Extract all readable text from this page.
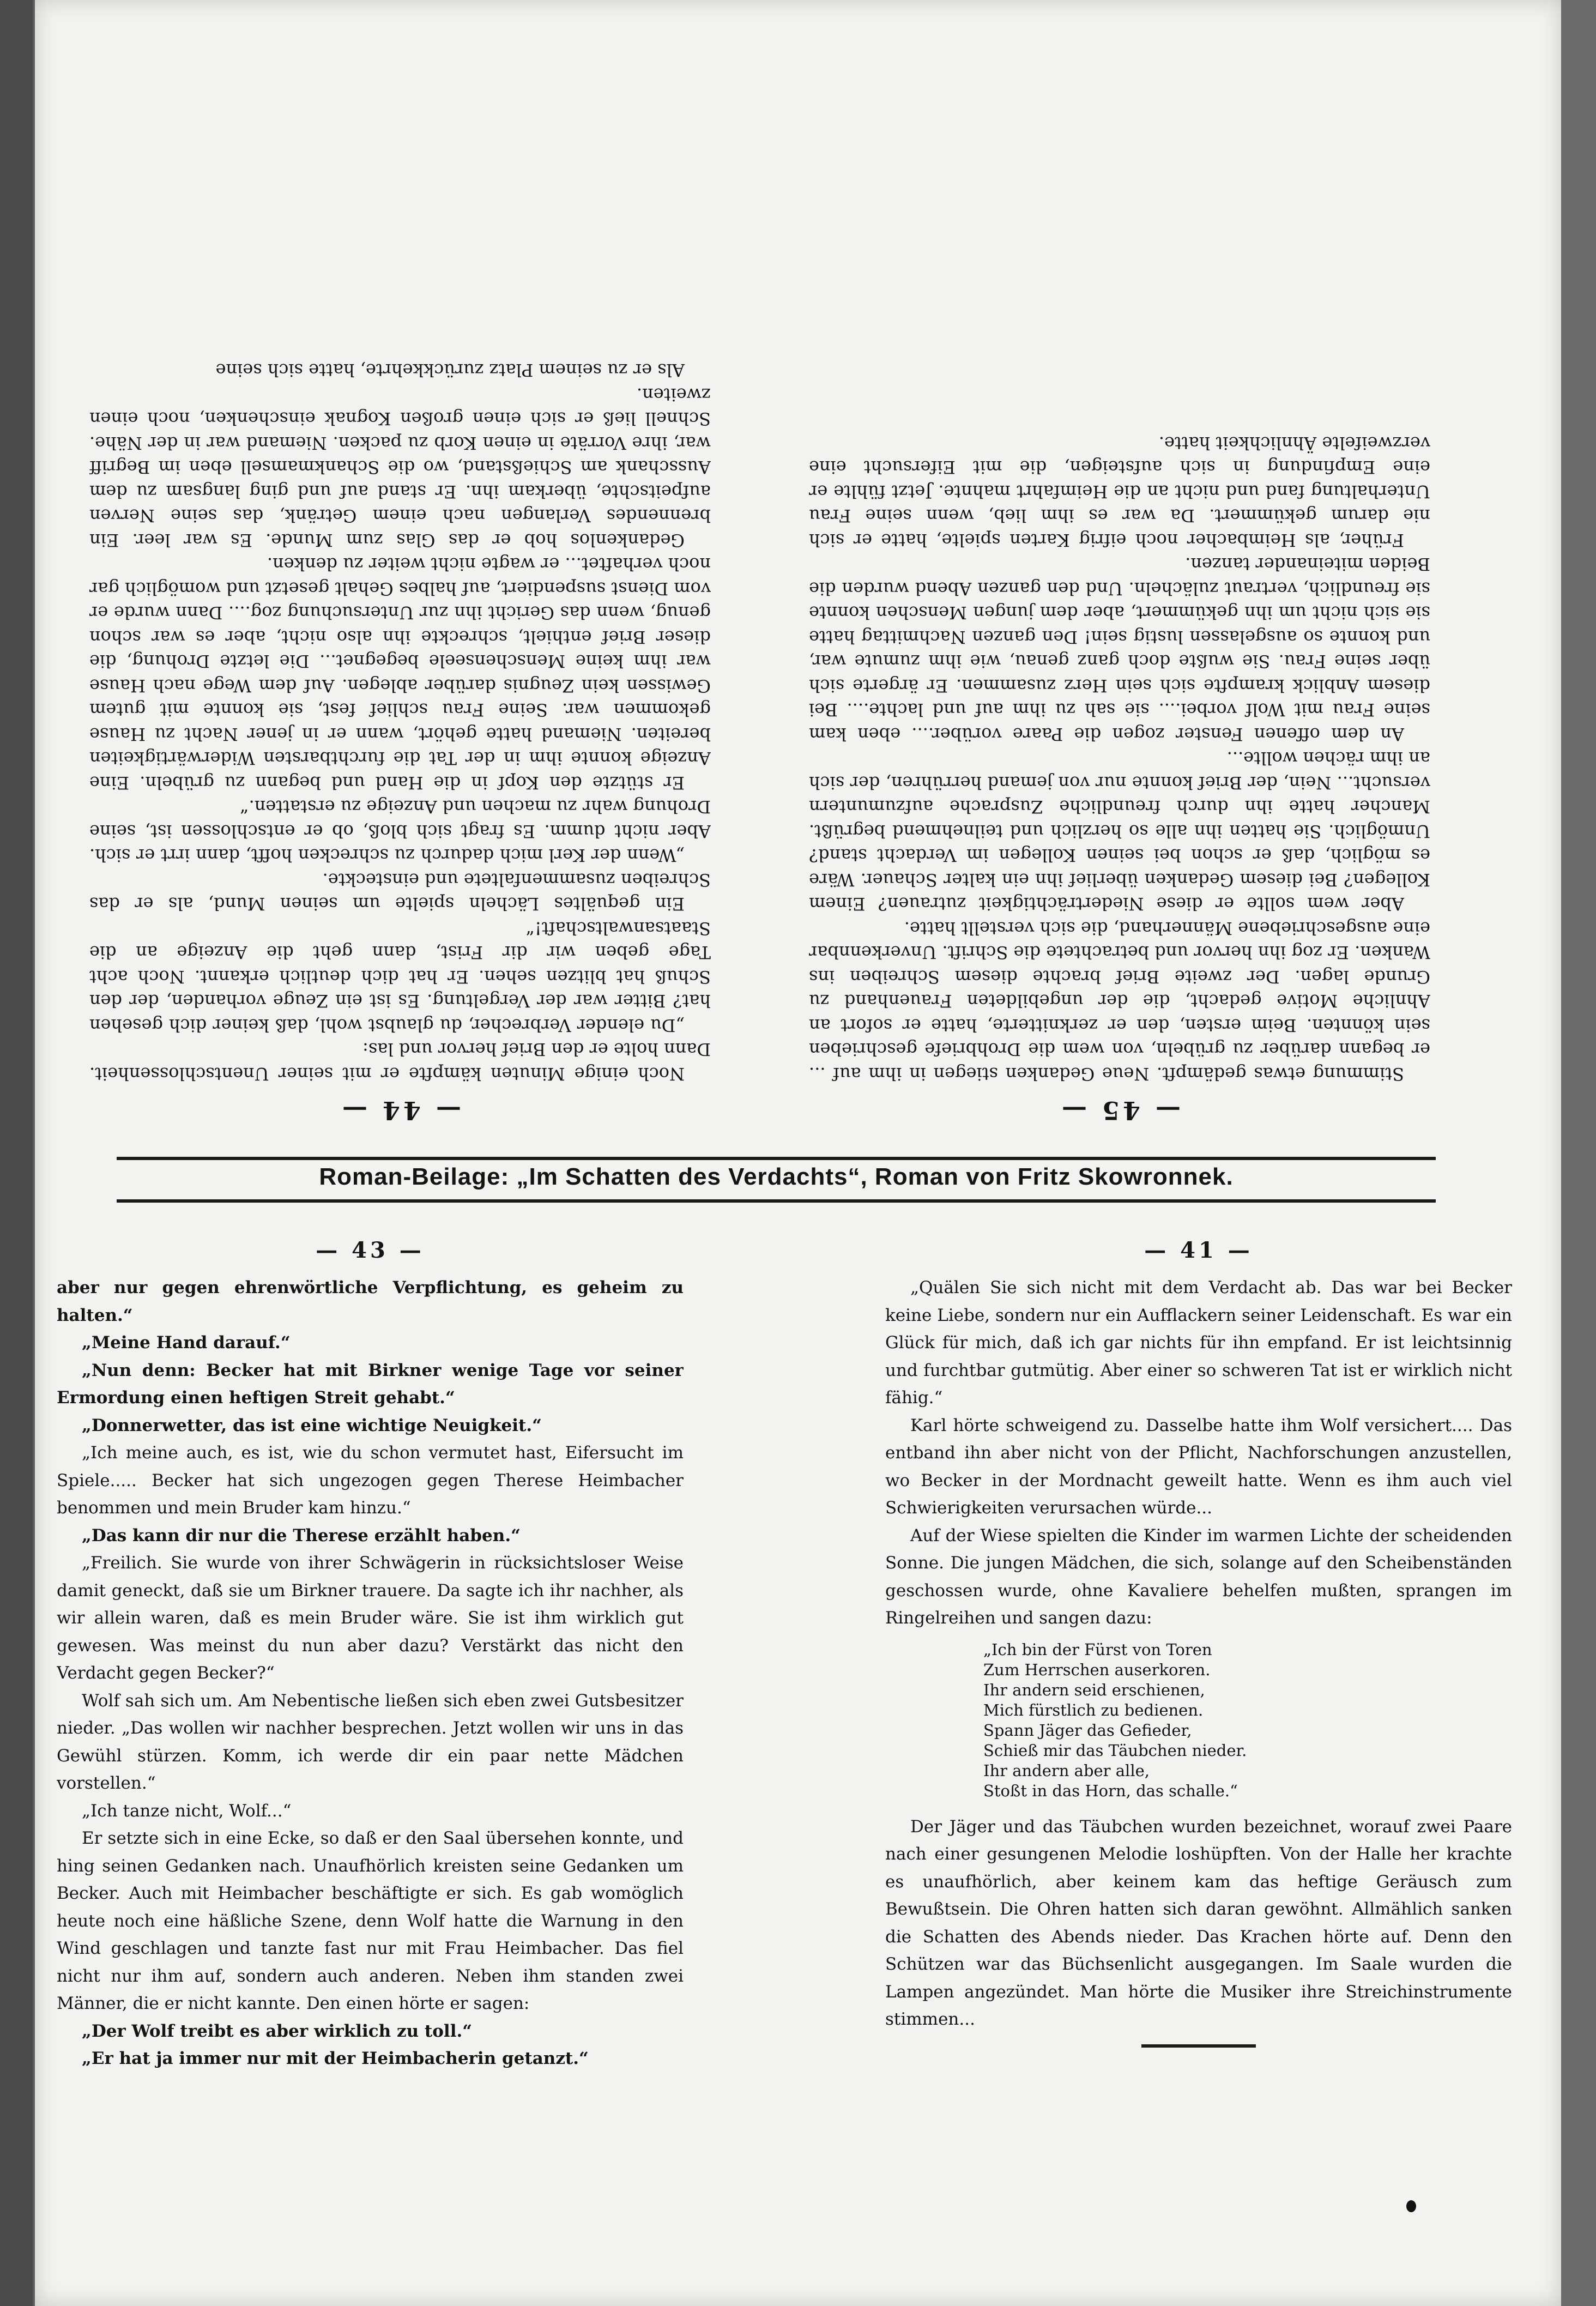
— 45 —

Stimmung etwas gedämpft. Neue Gedanken stiegen in ihm auf ... er begann darüber zu grübeln, von wem die Drohbriefe geschrieben sein könnten. Beim ersten, den er zerknitterte, hatte er sofort an Ahnliche Motive gedacht, die der ungebildeten Frauenhand zu Grunde lagen. Der zweite Brief brachte diesem Schreiben ins Wanken. Er zog ihn hervor und betrachtete die Schrift. Unverkennbar eine ausgeschriebene Männerhand, die sich verstellt hatte.

Aber wem sollte er diese Niederträchtigkeit zutrauen? Einem Kollegen? Bei diesem Gedanken überlief ihn ein kalter Schauer. Wäre es möglich, daß er schon bei seinen Kollegen im Verdacht stand? Unmöglich. Sie hatten ihn alle so herzlich und teilnehmend begrüßt. Mancher hatte ihn durch freundliche Zusprache aufzumuntern versucht... Nein, der Brief konnte nur von jemand herrühren, der sich an ihm rächen wollte...

An dem offenen Fenster zogen die Paare vorüber.... eben kam seine Frau mit Wolf vorbei.... sie sah zu ihm auf und lachte.... Bei diesem Anblick krampfte sich sein Herz zusammen. Er ärgerte sich über seine Frau. Sie wußte doch ganz genau, wie ihm zumute war, und konnte so ausgelassen lustig sein! Den ganzen Nachmittag hatte sie sich nicht um ihn gekümmert, aber dem jungen Menschen konnte sie freundlich, vertraut zulächeln. Und den ganzen Abend wurden die Beiden miteinander tanzen.

Früher, als Heimbacher noch eifrig Karten spielte, hatte er sich nie darum gekümmert. Da war es ihm lieb, wenn seine Frau Unterhaltung fand und nicht an die Heimfahrt mahnte. Jetzt fühlte er eine Empfindung in sich aufsteigen, die mit Eifersucht eine verzweifelte Ähnlichkeit hatte.

— 44 —

Noch einige Minuten kämpfte er mit seiner Unentschlossenheit. Dann holte er den Brief hervor und las:

„Du elender Verbrecher, du glaubst wohl, daß keiner dich gesehen hat? Bitter war der Vergeltung. Es ist ein Zeuge vorhanden, der den Schuß hat blitzen sehen. Er hat dich deutlich erkannt. Noch acht Tage geben wir dir Frist, dann geht die Anzeige an die Staatsanwaltschaft!“

Ein gequältes Lächeln spielte um seinen Mund, als er das Schreiben zusammenfaltete und einsteckte.

„Wenn der Kerl mich dadurch zu schrecken hofft, dann irrt er sich. Aber nicht dumm. Es fragt sich bloß, ob er entschlossen ist, seine Drohung wahr zu machen und Anzeige zu erstatten.“

Er stützte den Kopf in die Hand und begann zu grübeln. Eine Anzeige konnte ihm in der Tat die furchtbarsten Widerwärtigkeiten bereiten. Niemand hatte gehört, wann er in jener Nacht zu Hause gekommen war. Seine Frau schlief fest, sie konnte mit gutem Gewissen kein Zeugnis darüber ablegen. Auf dem Wege nach Hause war ihm keine Menschenseele begegnet... Die letzte Drohung, die dieser Brief enthielt, schreckte ihn also nicht, aber es war schon genug, wenn das Gericht ihn zur Untersuchung zog.... Dann wurde er vom Dienst suspendiert, auf halbes Gehalt gesetzt und womöglich gar noch verhaftet... er wagte nicht weiter zu denken.

Gedankenlos hob er das Glas zum Munde. Es war leer. Ein brennendes Verlangen nach einem Getränk, das seine Nerven aufpeitschte, überkam ihn. Er stand auf und ging langsam zu dem Ausschank am Schießstand, wo die Schankmamsell eben im Begriff war, ihre Vorräte in einen Korb zu packen. Niemand war in der Nähe. Schnell ließ er sich einen großen Kognak einschenken, noch einen zweiten.

Als er zu seinem Platz zurückkehrte, hatte sich seine

Roman-Beilage: „Im Schatten des Verdachts“, Roman von Fritz Skowronnek.
— 43 —

aber nur gegen ehrenwörtliche Verpflichtung, es geheim zu halten.“

„Meine Hand darauf.“

„Nun denn: Becker hat mit Birkner wenige Tage vor seiner Ermordung einen heftigen Streit gehabt.“

„Donnerwetter, das ist eine wichtige Neuigkeit.“

„Ich meine auch, es ist, wie du schon vermutet hast, Eifersucht im Spiele..... Becker hat sich ungezogen gegen Therese Heimbacher benommen und mein Bruder kam hinzu.“

„Das kann dir nur die Therese erzählt haben.“

„Freilich. Sie wurde von ihrer Schwägerin in rücksichtsloser Weise damit geneckt, daß sie um Birkner trauere. Da sagte ich ihr nachher, als wir allein waren, daß es mein Bruder wäre. Sie ist ihm wirklich gut gewesen. Was meinst du nun aber dazu? Verstärkt das nicht den Verdacht gegen Becker?“

Wolf sah sich um. Am Nebentische ließen sich eben zwei Gutsbesitzer nieder. „Das wollen wir nachher besprechen. Jetzt wollen wir uns in das Gewühl stürzen. Komm, ich werde dir ein paar nette Mädchen vorstellen.“

„Ich tanze nicht, Wolf...“

Er setzte sich in eine Ecke, so daß er den Saal übersehen konnte, und hing seinen Gedanken nach. Unaufhörlich kreisten seine Gedanken um Becker. Auch mit Heimbacher beschäftigte er sich. Es gab womöglich heute noch eine häßliche Szene, denn Wolf hatte die Warnung in den Wind geschlagen und tanzte fast nur mit Frau Heimbacher. Das fiel nicht nur ihm auf, sondern auch anderen. Neben ihm standen zwei Männer, die er nicht kannte. Den einen hörte er sagen:

„Der Wolf treibt es aber wirklich zu toll.“

„Er hat ja immer nur mit der Heimbacherin getanzt.“

— 41 —

„Quälen Sie sich nicht mit dem Verdacht ab. Das war bei Becker keine Liebe, sondern nur ein Aufflackern seiner Leidenschaft. Es war ein Glück für mich, daß ich gar nichts für ihn empfand. Er ist leichtsinnig und furchtbar gutmütig. Aber einer so schweren Tat ist er wirklich nicht fähig.“

Karl hörte schweigend zu. Dasselbe hatte ihm Wolf versichert.... Das entband ihn aber nicht von der Pflicht, Nachforschungen anzustellen, wo Becker in der Mordnacht geweilt hatte. Wenn es ihm auch viel Schwierigkeiten verursachen würde...

Auf der Wiese spielten die Kinder im warmen Lichte der scheidenden Sonne. Die jungen Mädchen, die sich, solange auf den Scheibenständen geschossen wurde, ohne Kavaliere behelfen mußten, sprangen im Ringelreihen und sangen dazu:

„Ich bin der Fürst von Toren
Zum Herrschen auserkoren.
Ihr andern seid erschienen,
Mich fürstlich zu bedienen.
Spann Jäger das Gefieder,
Schieß mir das Täubchen nieder.
Ihr andern aber alle,
Stoßt in das Horn, das schalle.“

Der Jäger und das Täubchen wurden bezeichnet, worauf zwei Paare nach einer gesungenen Melodie loshüpften. Von der Halle her krachte es unaufhörlich, aber keinem kam das heftige Geräusch zum Bewußtsein. Die Ohren hatten sich daran gewöhnt. Allmählich sanken die Schatten des Abends nieder. Das Krachen hörte auf. Denn den Schützen war das Büchsenlicht ausgegangen. Im Saale wurden die Lampen angezündet. Man hörte die Musiker ihre Streichinstrumente stimmen...
